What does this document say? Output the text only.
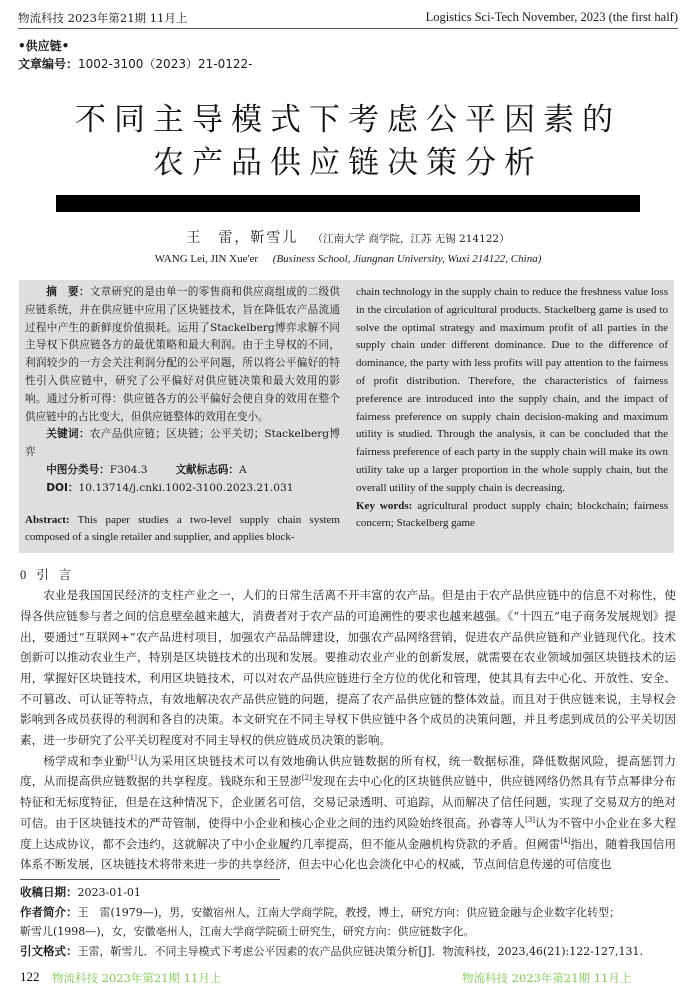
物流科技 2023年第21期 11月上	Logistics Sci-Tech November, 2023 (the first half)
•供应链•
文章编号：1002-3100（2023）21-0122-
不同主导模式下考虑公平因素的
农产品供应链决策分析
王　雷，靳雪儿 （江南大学 商学院，江苏 无锡 214122）
WANG Lei, JIN Xue'er (Business School, Jiangnan University, Wuxi 214122, China)
摘　要：文章研究的是由单一的零售商和供应商组成的二级供应链系统，并在供应链中应用了区块链技术，旨在降低农产品流通过程中产生的新鲜度价值损耗。运用了Stackelberg博弈求解不同主导权下供应链各方的最优策略和最大利润。由于主导权的不同，利润较少的一方会关注利润分配的公平问题，所以将公平偏好的特性引入供应链中，研究了公平偏好对供应链决策和最大效用的影响。通过分析可得：供应链各方的公平偏好会使自身的效用在整个供应链中的占比变大，但供应链整体的效用在变小。
关键词：农产品供应链；区块链；公平关切；Stackelberg博弈
中图分类号：F304.3	文献标志码：A
DOI：10.13714/j.cnki.1002-3100.2023.21.031
Abstract: This paper studies a two-level supply chain system composed of a single retailer and supplier, and applies block-
chain technology in the supply chain to reduce the freshness value loss in the circulation of agricultural products. Stackelberg game is used to solve the optimal strategy and maximum profit of all parties in the supply chain under different dominance. Due to the difference of dominance, the party with less profits will pay attention to the fairness of profit distribution. Therefore, the characteristics of fairness preference are introduced into the supply chain, and the impact of fairness preference on supply chain decision-making and maximum utility is studied. Through the analysis, it can be concluded that the fairness preference of each party in the supply chain will make its own utility take up a larger proportion in the whole supply chain, but the overall utility of the supply chain is decreasing.
Key words: agricultural product supply chain; blockchain; fairness concern; Stackelberg game
0 引言

农业是我国国民经济的支柱产业之一，人们的日常生活离不开丰富的农产品。但是由于农产品供应链中的信息不对称性，使得各供应链参与者之间的信息壁垒越来越大，消费者对于农产品的可追溯性的要求也越来越强。《“十四五”电子商务发展规划》提出，要通过“互联网+”农产品进村项目，加强农产品品牌建设，加强农产品网络营销，促进农产品供应链和产业链现代化。技术创新可以推动农业生产，特别是区块链技术的出现和发展。要推动农业产业的创新发展，就需要在农业领域加强区块链技术的运用，掌握好区块链技术，利用区块链技术，可以对农产品供应链进行全方位的优化和管理，使其具有去中心化、开放性、安全、不可篡改、可认证等特点，有效地解决农产品供应链的问题，提高了农产品供应链的整体效益。而且对于供应链来说，主导权会影响到各成员获得的利润和各自的决策。本文研究在不同主导权下供应链中各个成员的决策问题，并且考虑到成员的公平关切因素，进一步研究了公平关切程度对不同主导权的供应链成员决策的影响。

杨学成和李业勤[1]认为采用区块链技术可以有效地确认供应链数据的所有权，统一数据标准，降低数据风险，提高惩罚力度，从而提高供应链数据的共享程度。钱晓东和王昱澎[2]发现在去中心化的区块链供应链中，供应链网络仍然具有节点幂律分布特征和无标度特征，但是在这种情况下，企业匿名可信，交易记录透明、可追踪，从而解决了信任问题，实现了交易双方的绝对可信。由于区块链技术的严苛管制，使得中小企业和核心企业之间的违约风险始终很高。孙睿等人[3]认为不管中小企业在多大程度上达成协议，都不会违约，这就解决了中小企业履约几率提高，但不能从金融机构贷款的矛盾。但阙雷[4]指出，随着我国信用体系不断发展，区块链技术将带来进一步的共享经济，但去中心化也会淡化中心的权威，节点间信息传递的可信度也

收稿日期：2023-01-01
作者简介：王　雷(1979—)，男，安徽宿州人，江南大学商学院，教授，博士，研究方向：供应链金融与企业数字化转型；
靳雪儿(1998—)，女，安徽亳州人，江南大学商学院硕士研究生，研究方向：供应链数字化。
引文格式：王雷，靳雪儿．不同主导模式下考虑公平因素的农产品供应链决策分析[J]．物流科技，2023,46(21):122-127,131.
122 物流科技 2023年第21期 11月上	物流科技 2023年第21期 11月上
